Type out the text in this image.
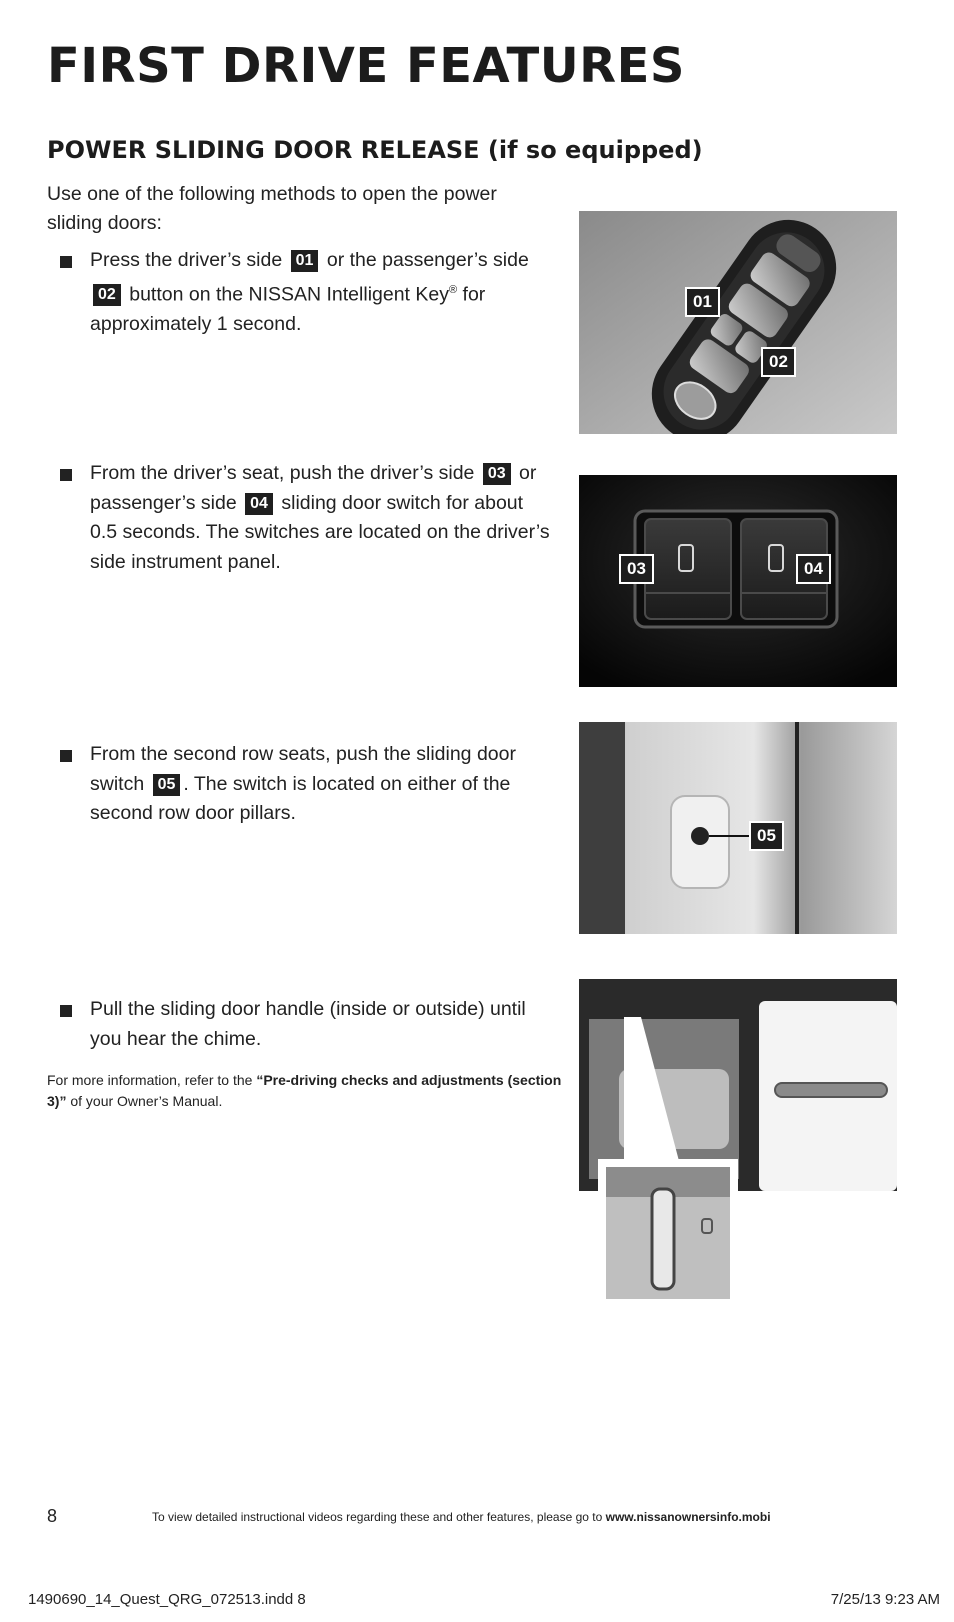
FIRST DRIVE FEATURES
POWER SLIDING DOOR RELEASE (if so equipped)

Use one of the following methods to open the power sliding doors:

Press the driver’s side 01 or the passenger’s side 02 button on the NISSAN Intelligent Key® for approximately 1 second.
From the driver’s seat, push the driver’s side 03 or passenger’s side 04 sliding door switch for about 0.5 seconds. The switches are located on the driver’s side instrument panel.
From the second row seats, push the sliding door switch 05 . The switch is located on either of the second row door pillars.
Pull the sliding door handle (inside or outside) until you hear the chime.

For more information, refer to the “Pre-driving checks and adjustments (section 3)” of your Owner’s Manual.

01
02
03	04
05
8	To view detailed instructional videos regarding these and other features, please go to www.nissanownersinfo.mobi
1490690_14_Quest_QRG_072513.indd 8	7/25/13 9:23 AM
